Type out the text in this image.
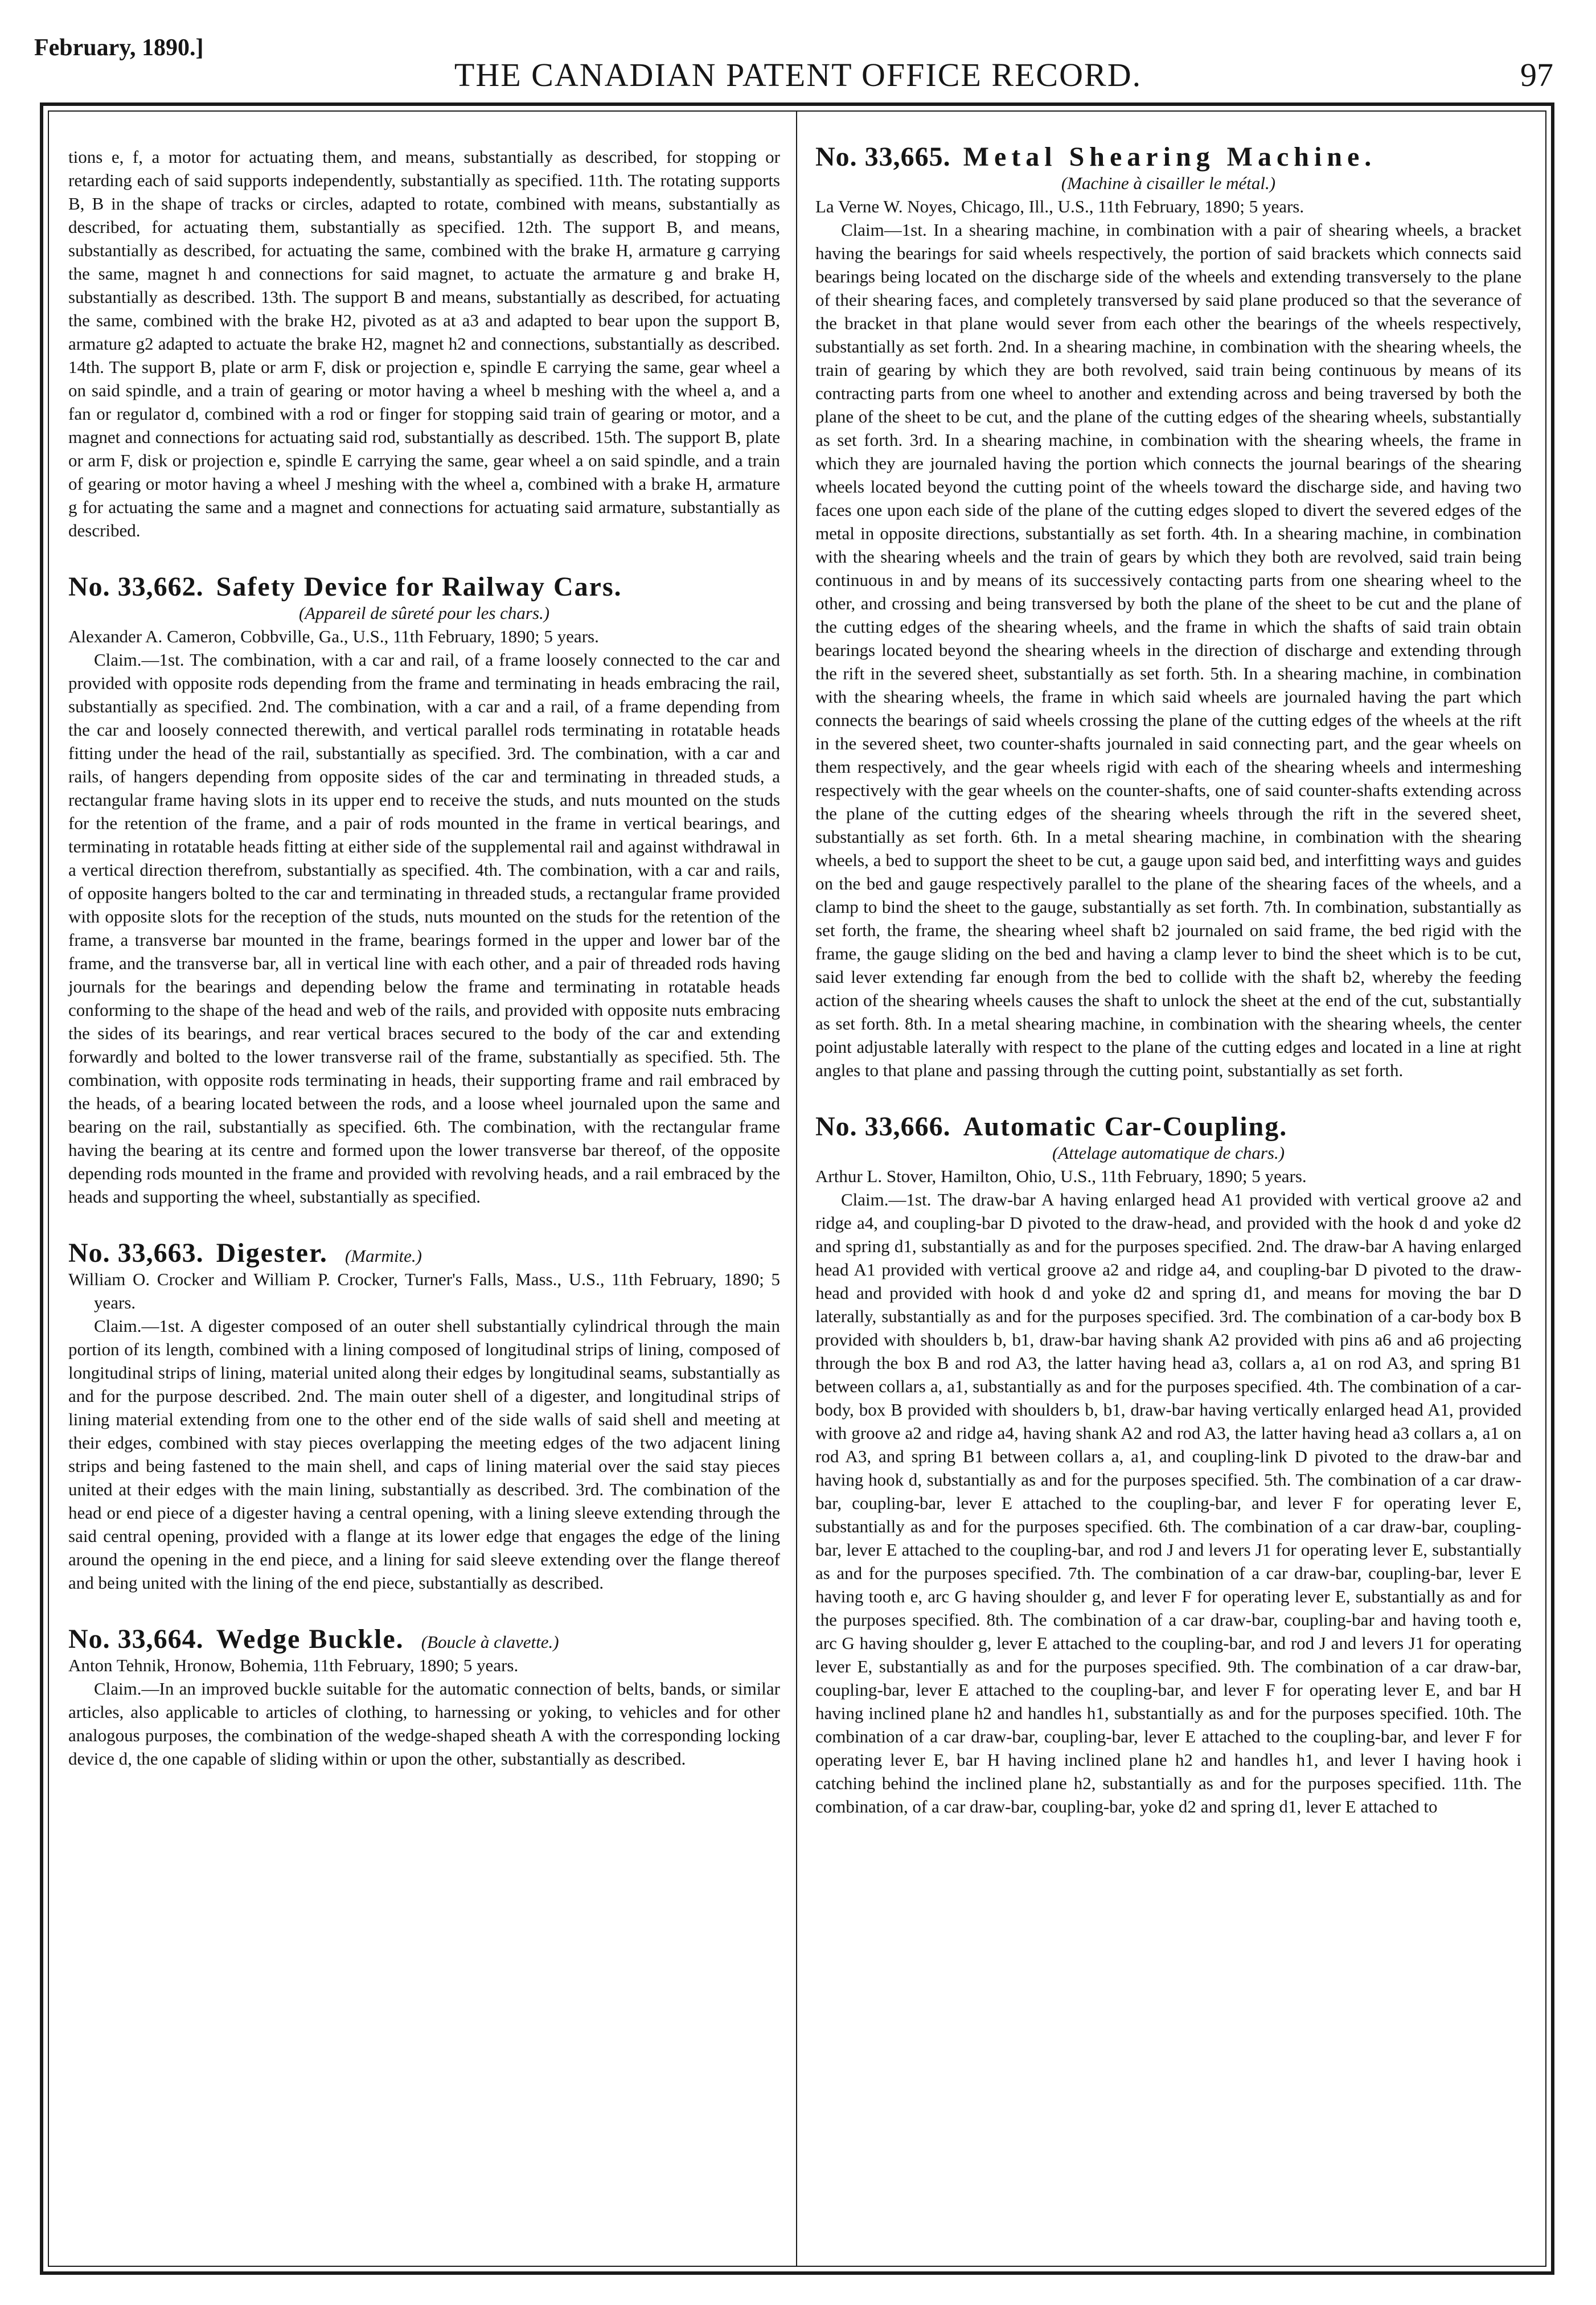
February, 1890.]
THE CANADIAN PATENT OFFICE RECORD.	97

tions e, f, a motor for actuating them, and means, substantially as described, for stopping or retarding each of said supports independently, substantially as specified. 11th. The rotating supports B, B in the shape of tracks or circles, adapted to rotate, combined with means, substantially as described, for actuating them, substantially as specified. 12th. The support B, and means, substantially as described, for actuating the same, combined with the brake H, armature g carrying the same, magnet h and connections for said magnet, to actuate the armature g and brake H, substantially as described. 13th. The support B and means, substantially as described, for actuating the same, combined with the brake H2, pivoted as at a3 and adapted to bear upon the support B, armature g2 adapted to actuate the brake H2, magnet h2 and connections, substantially as described. 14th. The support B, plate or arm F, disk or projection e, spindle E carrying the same, gear wheel a on said spindle, and a train of gearing or motor having a wheel b meshing with the wheel a, and a fan or regulator d, combined with a rod or finger for stopping said train of gearing or motor, and a magnet and connections for actuating said rod, substantially as described. 15th. The support B, plate or arm F, disk or projection e, spindle E carrying the same, gear wheel a on said spindle, and a train of gearing or motor having a wheel J meshing with the wheel a, combined with a brake H, armature g for actuating the same and a magnet and connections for actuating said armature, substantially as described.

No. 33,662. Safety Device for Railway Cars.

(Appareil de sûreté pour les chars.)

Alexander A. Cameron, Cobbville, Ga., U.S., 11th February, 1890; 5 years.

Claim.—1st. The combination, with a car and rail, of a frame loosely connected to the car and provided with opposite rods depending from the frame and terminating in heads embracing the rail, substantially as specified. 2nd. The combination, with a car and a rail, of a frame depending from the car and loosely connected therewith, and vertical parallel rods terminating in rotatable heads fitting under the head of the rail, substantially as specified. 3rd. The combination, with a car and rails, of hangers depending from opposite sides of the car and terminating in threaded studs, a rectangular frame having slots in its upper end to receive the studs, and nuts mounted on the studs for the retention of the frame, and a pair of rods mounted in the frame in vertical bearings, and terminating in rotatable heads fitting at either side of the supplemental rail and against withdrawal in a vertical direction therefrom, substantially as specified. 4th. The combination, with a car and rails, of opposite hangers bolted to the car and terminating in threaded studs, a rectangular frame provided with opposite slots for the reception of the studs, nuts mounted on the studs for the retention of the frame, a transverse bar mounted in the frame, bearings formed in the upper and lower bar of the frame, and the transverse bar, all in vertical line with each other, and a pair of threaded rods having journals for the bearings and depending below the frame and terminating in rotatable heads conforming to the shape of the head and web of the rails, and provided with opposite nuts embracing the sides of its bearings, and rear vertical braces secured to the body of the car and extending forwardly and bolted to the lower transverse rail of the frame, substantially as specified. 5th. The combination, with opposite rods terminating in heads, their supporting frame and rail embraced by the heads, of a bearing located between the rods, and a loose wheel journaled upon the same and bearing on the rail, substantially as specified. 6th. The combination, with the rectangular frame having the bearing at its centre and formed upon the lower transverse bar thereof, of the opposite depending rods mounted in the frame and provided with revolving heads, and a rail embraced by the heads and supporting the wheel, substantially as specified.

No. 33,663. Digester. (Marmite.)

William O. Crocker and William P. Crocker, Turner's Falls, Mass., U.S., 11th February, 1890; 5 years.

Claim.—1st. A digester composed of an outer shell substantially cylindrical through the main portion of its length, combined with a lining composed of longitudinal strips of lining, composed of longitudinal strips of lining, material united along their edges by longitudinal seams, substantially as and for the purpose described. 2nd. The main outer shell of a digester, and longitudinal strips of lining material extending from one to the other end of the side walls of said shell and meeting at their edges, combined with stay pieces overlapping the meeting edges of the two adjacent lining strips and being fastened to the main shell, and caps of lining material over the said stay pieces united at their edges with the main lining, substantially as described. 3rd. The combination of the head or end piece of a digester having a central opening, with a lining sleeve extending through the said central opening, provided with a flange at its lower edge that engages the edge of the lining around the opening in the end piece, and a lining for said sleeve extending over the flange thereof and being united with the lining of the end piece, substantially as described.

No. 33,664. Wedge Buckle. (Boucle à clavette.)

Anton Tehnik, Hronow, Bohemia, 11th February, 1890; 5 years.

Claim.—In an improved buckle suitable for the automatic connection of belts, bands, or similar articles, also applicable to articles of clothing, to harnessing or yoking, to vehicles and for other analogous purposes, the combination of the wedge-shaped sheath A with the corresponding locking device d, the one capable of sliding within or upon the other, substantially as described.

No. 33,665. Metal Shearing Machine.

(Machine à cisailler le métal.)

La Verne W. Noyes, Chicago, Ill., U.S., 11th February, 1890; 5 years.

Claim—1st. In a shearing machine, in combination with a pair of shearing wheels, a bracket having the bearings for said wheels respectively, the portion of said brackets which connects said bearings being located on the discharge side of the wheels and extending transversely to the plane of their shearing faces, and completely transversed by said plane produced so that the severance of the bracket in that plane would sever from each other the bearings of the wheels respectively, substantially as set forth. 2nd. In a shearing machine, in combination with the shearing wheels, the train of gearing by which they are both revolved, said train being continuous by means of its contracting parts from one wheel to another and extending across and being traversed by both the plane of the sheet to be cut, and the plane of the cutting edges of the shearing wheels, substantially as set forth. 3rd. In a shearing machine, in combination with the shearing wheels, the frame in which they are journaled having the portion which connects the journal bearings of the shearing wheels located beyond the cutting point of the wheels toward the discharge side, and having two faces one upon each side of the plane of the cutting edges sloped to divert the severed edges of the metal in opposite directions, substantially as set forth. 4th. In a shearing machine, in combination with the shearing wheels and the train of gears by which they both are revolved, said train being continuous in and by means of its successively contacting parts from one shearing wheel to the other, and crossing and being transversed by both the plane of the sheet to be cut and the plane of the cutting edges of the shearing wheels, and the frame in which the shafts of said train obtain bearings located beyond the shearing wheels in the direction of discharge and extending through the rift in the severed sheet, substantially as set forth. 5th. In a shearing machine, in combination with the shearing wheels, the frame in which said wheels are journaled having the part which connects the bearings of said wheels crossing the plane of the cutting edges of the wheels at the rift in the severed sheet, two counter-shafts journaled in said connecting part, and the gear wheels on them respectively, and the gear wheels rigid with each of the shearing wheels and intermeshing respectively with the gear wheels on the counter-shafts, one of said counter-shafts extending across the plane of the cutting edges of the shearing wheels through the rift in the severed sheet, substantially as set forth. 6th. In a metal shearing machine, in combination with the shearing wheels, a bed to support the sheet to be cut, a gauge upon said bed, and interfitting ways and guides on the bed and gauge respectively parallel to the plane of the shearing faces of the wheels, and a clamp to bind the sheet to the gauge, substantially as set forth. 7th. In combination, substantially as set forth, the frame, the shearing wheel shaft b2 journaled on said frame, the bed rigid with the frame, the gauge sliding on the bed and having a clamp lever to bind the sheet which is to be cut, said lever extending far enough from the bed to collide with the shaft b2, whereby the feeding action of the shearing wheels causes the shaft to unlock the sheet at the end of the cut, substantially as set forth. 8th. In a metal shearing machine, in combination with the shearing wheels, the center point adjustable laterally with respect to the plane of the cutting edges and located in a line at right angles to that plane and passing through the cutting point, substantially as set forth.

No. 33,666. Automatic Car-Coupling.

(Attelage automatique de chars.)

Arthur L. Stover, Hamilton, Ohio, U.S., 11th February, 1890; 5 years.

Claim.—1st. The draw-bar A having enlarged head A1 provided with vertical groove a2 and ridge a4, and coupling-bar D pivoted to the draw-head, and provided with the hook d and yoke d2 and spring d1, substantially as and for the purposes specified. 2nd. The draw-bar A having enlarged head A1 provided with vertical groove a2 and ridge a4, and coupling-bar D pivoted to the draw-head and provided with hook d and yoke d2 and spring d1, and means for moving the bar D laterally, substantially as and for the purposes specified. 3rd. The combination of a car-body box B provided with shoulders b, b1, draw-bar having shank A2 provided with pins a6 and a6 projecting through the box B and rod A3, the latter having head a3, collars a, a1 on rod A3, and spring B1 between collars a, a1, substantially as and for the purposes specified. 4th. The combination of a car-body, box B provided with shoulders b, b1, draw-bar having vertically enlarged head A1, provided with groove a2 and ridge a4, having shank A2 and rod A3, the latter having head a3 collars a, a1 on rod A3, and spring B1 between collars a, a1, and coupling-link D pivoted to the draw-bar and having hook d, substantially as and for the purposes specified. 5th. The combination of a car draw-bar, coupling-bar, lever E attached to the coupling-bar, and lever F for operating lever E, substantially as and for the purposes specified. 6th. The combination of a car draw-bar, coupling-bar, lever E attached to the coupling-bar, and rod J and levers J1 for operating lever E, substantially as and for the purposes specified. 7th. The combination of a car draw-bar, coupling-bar, lever E having tooth e, arc G having shoulder g, and lever F for operating lever E, substantially as and for the purposes specified. 8th. The combination of a car draw-bar, coupling-bar and having tooth e, arc G having shoulder g, lever E attached to the coupling-bar, and rod J and levers J1 for operating lever E, substantially as and for the purposes specified. 9th. The combination of a car draw-bar, coupling-bar, lever E attached to the coupling-bar, and lever F for operating lever E, and bar H having inclined plane h2 and handles h1, substantially as and for the purposes specified. 10th. The combination of a car draw-bar, coupling-bar, lever E attached to the coupling-bar, and lever F for operating lever E, bar H having inclined plane h2 and handles h1, and lever I having hook i catching behind the inclined plane h2, substantially as and for the purposes specified. 11th. The combination, of a car draw-bar, coupling-bar, yoke d2 and spring d1, lever E attached to
